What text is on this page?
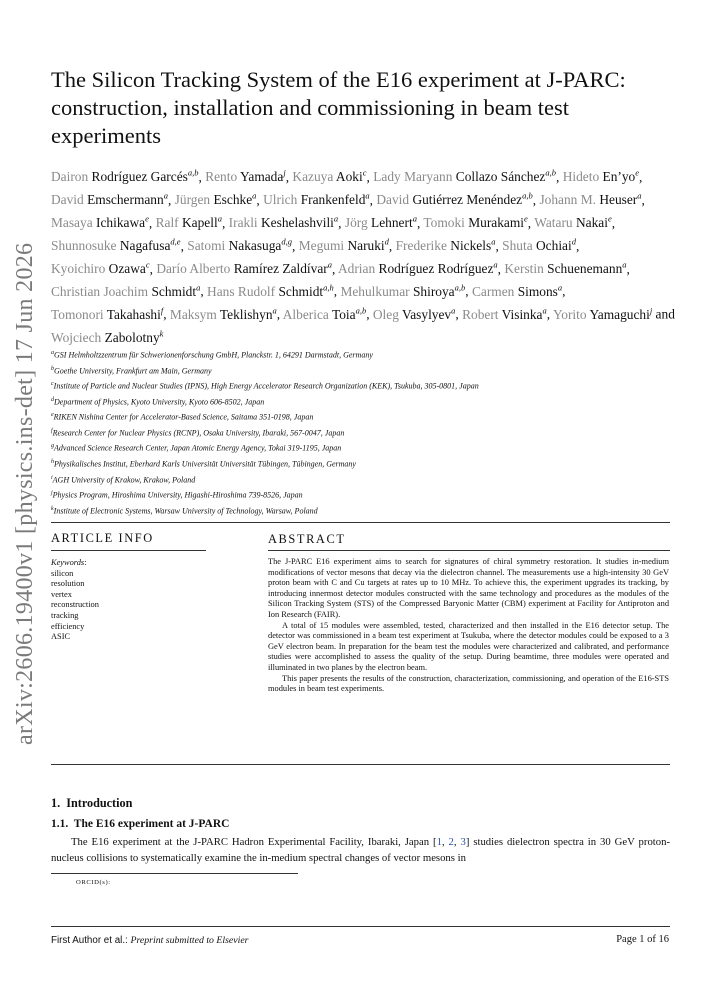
arXiv:2606.19400v1 [physics.ins-det] 17 Jun 2026
The Silicon Tracking System of the E16 experiment at J-PARC: construction, installation and commissioning in beam test experiments
Dairon Rodríguez Garcés$^{a,b}$, Rento Yamada$^j$, Kazuya Aoki$^c$, Lady Maryann Collazo Sánchez$^{a,b}$, Hideto $En’yo^e$, David Emschermann$^a$, Jürgen Eschke$^a$, Ulrich Frankenfeld$^a$, David Gutiérrez Menéndez$^{a,b}$, Johann M. Heuser$^a$, Masaya Ichikawa$^e$, Ralf Kapell$^a$, Irakli Keshelashvili$^a$, Jörg Lehnert$^a$, Tomoki Murakami$^e$, Wataru Nakai$^e$, Shunnosuke Nagafusa$^{d,e}$, Satomi Nakasuga$^{d,g}$, Megumi Naruki$^d$, Frederike Nickels$^a$, Shuta Ochiai$^d$, Kyoichiro Ozawa$^c$, Darío Alberto Ramírez Zaldívar$^a$, Adrian Rodríguez Rodríguez$^a$, Kerstin Schuenemann$^a$, Christian Joachim Schmidt$^a$, Hans Rudolf Schmidt$^{a,h}$, Mehulkumar Shiroya$^{a,b}$, Carmen Simons$^a$, Tomonori Takahashi$^f$, Maksym Teklishyn$^a$, Alberica Toia$^{a,b}$, Oleg Vasylyev$^a$, Robert Visinka$^a$, Yorito Yamaguchi$^j$ and Wojciech Zabolotny$^k$
$^a$GSI Helmholtzzentrum für Schwerionenforschung GmbH, Planckstr. 1, 64291 Darmstadt, Germany
$^b$Goethe University, Frankfurt am Main, Germany
$^c$Institute of Particle and Nuclear Studies (IPNS), High Energy Accelerator Research Organization (KEK), Tsukuba, 305-0801, Japan
$^d$Department of Physics, Kyoto University, Kyoto 606-8502, Japan
$^e$RIKEN Nishina Center for Accelerator-Based Science, Saitama 351-0198, Japan
$^f$Research Center for Nuclear Physics (RCNP), Osaka University, Ibaraki, 567-0047, Japan
$^g$Advanced Science Research Center, Japan Atomic Energy Agency, Tokai 319-1195, Japan
$^h$Physikalisches Institut, Eberhard Karls Universität Universität Tübingen, Tübingen, Germany
$^i$AGH University of Krakow, Krakow, Poland
$^j$Physics Program, Hiroshima University, Higashi-Hiroshima 739-8526, Japan
$^k$Institute of Electronic Systems, Warsaw University of Technology, Warsaw, Poland
ARTICLE INFO	ABSTRACT
Keywords:
silicon
resolution
vertex
reconstruction
tracking
efficiency
ASIC

The J-PARC E16 experiment aims to search for signatures of chiral symmetry restoration. It studies in-medium modifications of vector mesons that decay via the dielectron channel. The measurements use a high-intensity 30 GeV proton beam with C and Cu targets at rates up to 10 MHz. To achieve this, the experiment upgrades its tracking, by introducing innermost detector modules constructed with the same technology and procedures as the modules of the Silicon Tracking System (STS) of the Compressed Baryonic Matter (CBM) experiment at Facility for Antiproton and Ion Research (FAIR).

A total of 15 modules were assembled, tested, characterized and then installed in the E16 detector setup. The detector was commissioned in a beam test experiment at Tsukuba, where the detector modules could be exposed to a 3 GeV electron beam. In preparation for the beam test the modules were characterized and calibrated, and performance studies were accomplished to assess the quality of the setup. During beamtime, three modules were operated and illuminated in two planes by the electron beam.

This paper presents the results of the construction, characterization, commissioning, and operation of the E16-STS modules in beam test experiments.

1. Introduction
1.1. The E16 experiment at J-PARC

The E16 experiment at the J-PARC Hadron Experimental Facility, Ibaraki, Japan [1, 2, 3] studies dielectron spectra in 30 GeV proton-nucleus collisions to systematically examine the in-medium spectral changes of vector mesons in

ORCID(s):
First Author et al.: Preprint submitted to Elsevier	Page 1 of 16
